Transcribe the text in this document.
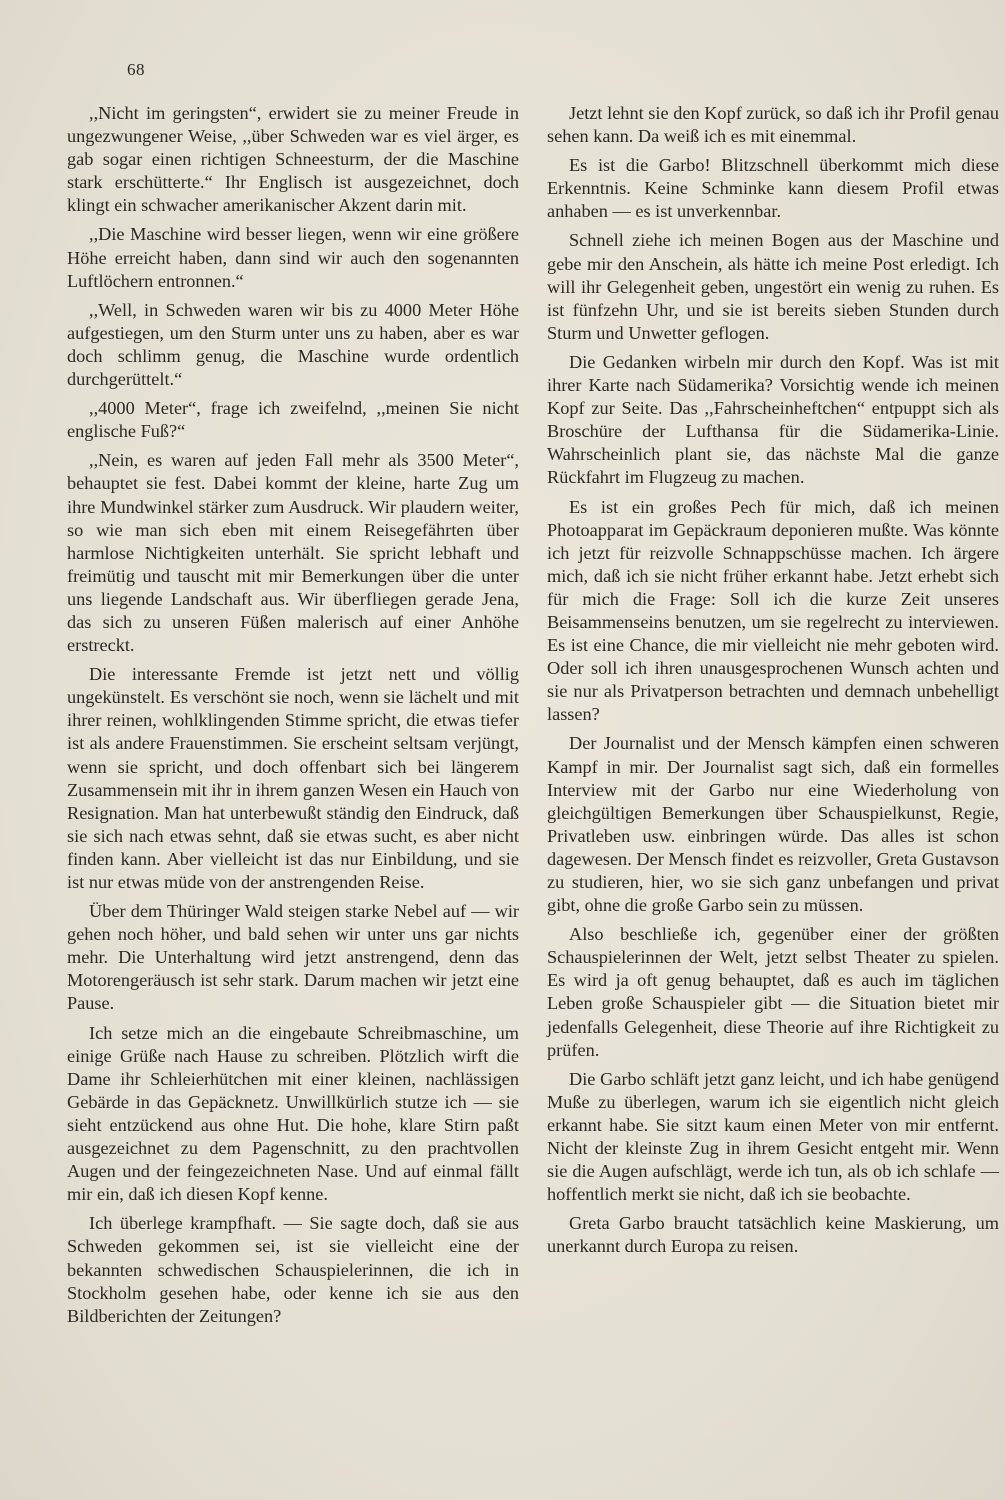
68

,,Nicht im geringsten“, erwidert sie zu meiner Freude in ungezwungener Weise, ,,über Schweden war es viel ärger, es gab sogar einen richtigen Schneesturm, der die Maschine stark erschütterte.“ Ihr Englisch ist ausgezeichnet, doch klingt ein schwacher amerikanischer Akzent darin mit.

,,Die Maschine wird besser liegen, wenn wir eine größere Höhe erreicht haben, dann sind wir auch den sogenannten Luftlöchern entronnen.“

,,Well, in Schweden waren wir bis zu 4000 Meter Höhe aufgestiegen, um den Sturm unter uns zu haben, aber es war doch schlimm genug, die Maschine wurde ordentlich durchgerüttelt.“

,,4000 Meter“, frage ich zweifelnd, ,,meinen Sie nicht englische Fuß?“

,,Nein, es waren auf jeden Fall mehr als 3500 Meter“, behauptet sie fest. Dabei kommt der kleine, harte Zug um ihre Mundwinkel stärker zum Ausdruck. Wir plaudern weiter, so wie man sich eben mit einem Reisegefährten über harmlose Nichtigkeiten unterhält. Sie spricht lebhaft und freimütig und tauscht mit mir Bemerkungen über die unter uns liegende Landschaft aus. Wir überfliegen gerade Jena, das sich zu unseren Füßen malerisch auf einer Anhöhe erstreckt.

Die interessante Fremde ist jetzt nett und völlig ungekünstelt. Es verschönt sie noch, wenn sie lächelt und mit ihrer reinen, wohlklingenden Stimme spricht, die etwas tiefer ist als andere Frauenstimmen. Sie erscheint seltsam verjüngt, wenn sie spricht, und doch offenbart sich bei längerem Zusammensein mit ihr in ihrem ganzen Wesen ein Hauch von Resignation. Man hat unterbewußt ständig den Eindruck, daß sie sich nach etwas sehnt, daß sie etwas sucht, es aber nicht finden kann. Aber vielleicht ist das nur Einbildung, und sie ist nur etwas müde von der anstrengenden Reise.

Über dem Thüringer Wald steigen starke Nebel auf — wir gehen noch höher, und bald sehen wir unter uns gar nichts mehr. Die Unterhaltung wird jetzt anstrengend, denn das Motorengeräusch ist sehr stark. Darum machen wir jetzt eine Pause.

Ich setze mich an die eingebaute Schreibmaschine, um einige Grüße nach Hause zu schreiben. Plötzlich wirft die Dame ihr Schleierhütchen mit einer kleinen, nachlässigen Gebärde in das Gepäcknetz. Unwillkürlich stutze ich — sie sieht entzückend aus ohne Hut. Die hohe, klare Stirn paßt ausgezeichnet zu dem Pagenschnitt, zu den prachtvollen Augen und der feingezeichneten Nase. Und auf einmal fällt mir ein, daß ich diesen Kopf kenne.

Ich überlege krampfhaft. — Sie sagte doch, daß sie aus Schweden gekommen sei, ist sie vielleicht eine der bekannten schwedischen Schauspielerinnen, die ich in Stockholm gesehen habe, oder kenne ich sie aus den Bildberichten der Zeitungen?

Jetzt lehnt sie den Kopf zurück, so daß ich ihr Profil genau sehen kann. Da weiß ich es mit einemmal.

Es ist die Garbo! Blitzschnell überkommt mich diese Erkenntnis. Keine Schminke kann diesem Profil etwas anhaben — es ist unverkennbar.

Schnell ziehe ich meinen Bogen aus der Maschine und gebe mir den Anschein, als hätte ich meine Post erledigt. Ich will ihr Gelegenheit geben, ungestört ein wenig zu ruhen. Es ist fünfzehn Uhr, und sie ist bereits sieben Stunden durch Sturm und Unwetter geflogen.

Die Gedanken wirbeln mir durch den Kopf. Was ist mit ihrer Karte nach Südamerika? Vorsichtig wende ich meinen Kopf zur Seite. Das ,,Fahrscheinheftchen“ entpuppt sich als Broschüre der Lufthansa für die Südamerika-Linie. Wahrscheinlich plant sie, das nächste Mal die ganze Rückfahrt im Flugzeug zu machen.

Es ist ein großes Pech für mich, daß ich meinen Photoapparat im Gepäckraum deponieren mußte. Was könnte ich jetzt für reizvolle Schnappschüsse machen. Ich ärgere mich, daß ich sie nicht früher erkannt habe. Jetzt erhebt sich für mich die Frage: Soll ich die kurze Zeit unseres Beisammenseins benutzen, um sie regelrecht zu interviewen. Es ist eine Chance, die mir vielleicht nie mehr geboten wird. Oder soll ich ihren unausgesprochenen Wunsch achten und sie nur als Privatperson betrachten und demnach unbehelligt lassen?

Der Journalist und der Mensch kämpfen einen schweren Kampf in mir. Der Journalist sagt sich, daß ein formelles Interview mit der Garbo nur eine Wiederholung von gleichgültigen Bemerkungen über Schauspielkunst, Regie, Privatleben usw. einbringen würde. Das alles ist schon dagewesen. Der Mensch findet es reizvoller, Greta Gustavson zu studieren, hier, wo sie sich ganz unbefangen und privat gibt, ohne die große Garbo sein zu müssen.

Also beschließe ich, gegenüber einer der größten Schauspielerinnen der Welt, jetzt selbst Theater zu spielen. Es wird ja oft genug behauptet, daß es auch im täglichen Leben große Schauspieler gibt — die Situation bietet mir jedenfalls Gelegenheit, diese Theorie auf ihre Richtigkeit zu prüfen.

Die Garbo schläft jetzt ganz leicht, und ich habe genügend Muße zu überlegen, warum ich sie eigentlich nicht gleich erkannt habe. Sie sitzt kaum einen Meter von mir entfernt. Nicht der kleinste Zug in ihrem Gesicht entgeht mir. Wenn sie die Augen aufschlägt, werde ich tun, als ob ich schlafe — hoffentlich merkt sie nicht, daß ich sie beobachte.

Greta Garbo braucht tatsächlich keine Maskierung, um unerkannt durch Europa zu reisen.
